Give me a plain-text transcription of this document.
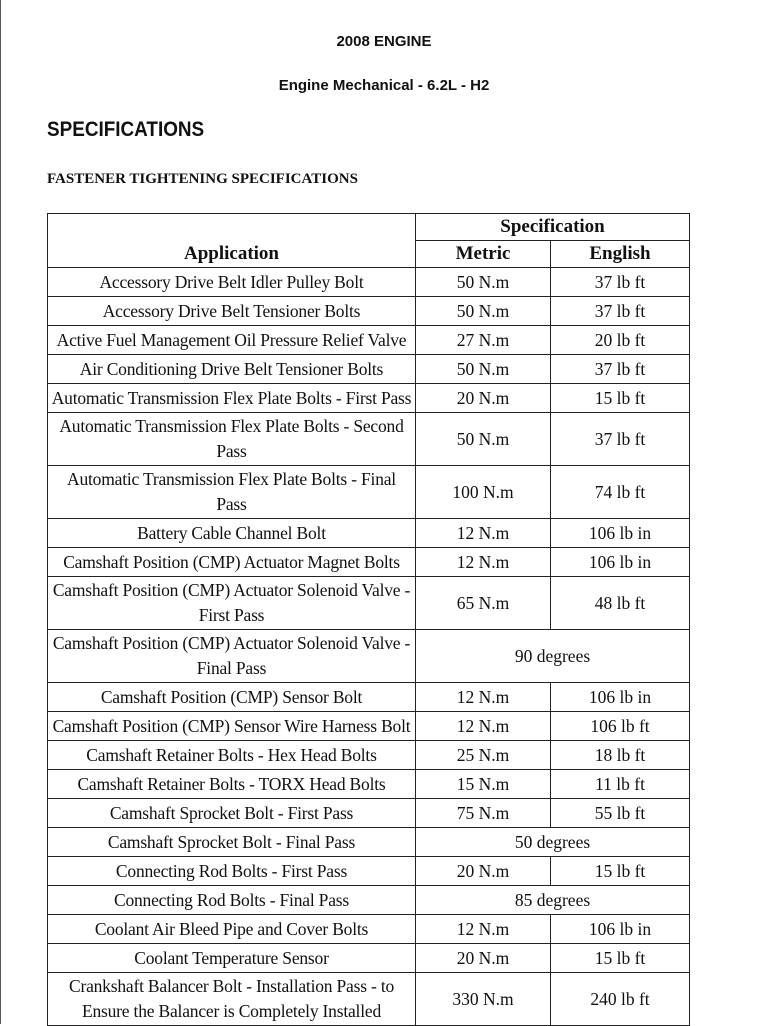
2008 ENGINE
Engine Mechanical - 6.2L - H2
SPECIFICATIONS
FASTENER TIGHTENING SPECIFICATIONS
Application	Specification	
	Metric	English
Accessory Drive Belt Idler Pulley Bolt	50 N.m	37 lb ft
Accessory Drive Belt Tensioner Bolts	50 N.m	37 lb ft
Active Fuel Management Oil Pressure Relief Valve	27 N.m	20 lb ft
Air Conditioning Drive Belt Tensioner Bolts	50 N.m	37 lb ft
Automatic Transmission Flex Plate Bolts - First Pass	20 N.m	15 lb ft
Automatic Transmission Flex Plate Bolts - Second Pass	50 N.m	37 lb ft
Automatic Transmission Flex Plate Bolts - Final Pass	100 N.m	74 lb ft
Battery Cable Channel Bolt	12 N.m	106 lb in
Camshaft Position (CMP) Actuator Magnet Bolts	12 N.m	106 lb in
Camshaft Position (CMP) Actuator Solenoid Valve - First Pass	65 N.m	48 lb ft
Camshaft Position (CMP) Actuator Solenoid Valve - Final Pass	90 degrees	
Camshaft Position (CMP) Sensor Bolt	12 N.m	106 lb in
Camshaft Position (CMP) Sensor Wire Harness Bolt	12 N.m	106 lb ft
Camshaft Retainer Bolts - Hex Head Bolts	25 N.m	18 lb ft
Camshaft Retainer Bolts - TORX Head Bolts	15 N.m	11 lb ft
Camshaft Sprocket Bolt - First Pass	75 N.m	55 lb ft
Camshaft Sprocket Bolt - Final Pass	50 degrees	
Connecting Rod Bolts - First Pass	20 N.m	15 lb ft
Connecting Rod Bolts - Final Pass	85 degrees	
Coolant Air Bleed Pipe and Cover Bolts	12 N.m	106 lb in
Coolant Temperature Sensor	20 N.m	15 lb ft
Crankshaft Balancer Bolt - Installation Pass - to Ensure the Balancer is Completely Installed	330 N.m	240 lb ft
